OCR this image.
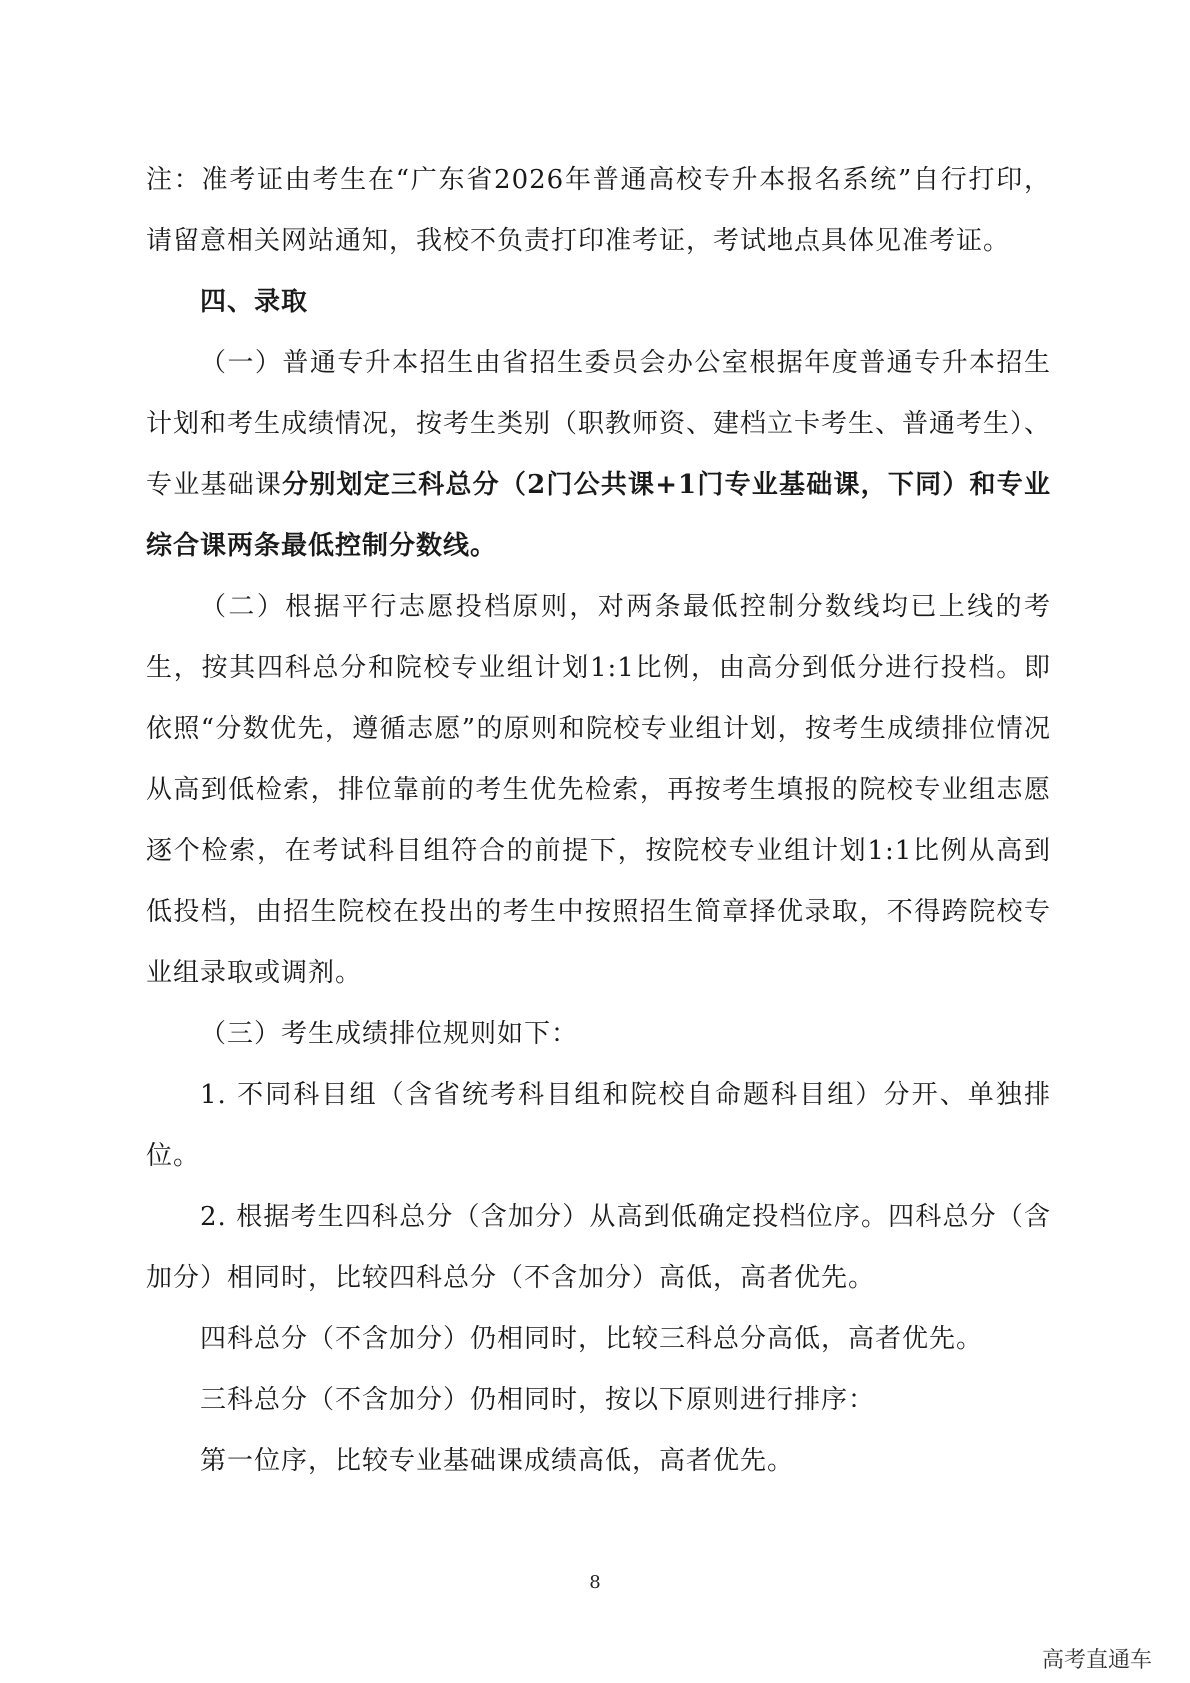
注：准考证由考生在“广东省2026年普通高校专升本报名系统”自行打印，请留意相关网站通知，我校不负责打印准考证，考试地点具体见准考证。

四、录取

（一）普通专升本招生由省招生委员会办公室根据年度普通专升本招生计划和考生成绩情况，按考生类别（职教师资、建档立卡考生、普通考生）、专业基础课分别划定三科总分（2门公共课+1门专业基础课，下同）和专业综合课两条最低控制分数线。

（二）根据平行志愿投档原则，对两条最低控制分数线均已上线的考生，按其四科总分和院校专业组计划1:1比例，由高分到低分进行投档。即依照“分数优先，遵循志愿”的原则和院校专业组计划，按考生成绩排位情况从高到低检索，排位靠前的考生优先检索，再按考生填报的院校专业组志愿逐个检索，在考试科目组符合的前提下，按院校专业组计划1:1比例从高到低投档，由招生院校在投出的考生中按照招生简章择优录取，不得跨院校专业组录取或调剂。

（三）考生成绩排位规则如下：

1. 不同科目组（含省统考科目组和院校自命题科目组）分开、单独排位。

2. 根据考生四科总分（含加分）从高到低确定投档位序。四科总分（含加分）相同时，比较四科总分（不含加分）高低，高者优先。

四科总分（不含加分）仍相同时，比较三科总分高低，高者优先。

三科总分（不含加分）仍相同时，按以下原则进行排序：

第一位序，比较专业基础课成绩高低，高者优先。

8
高考直通车
